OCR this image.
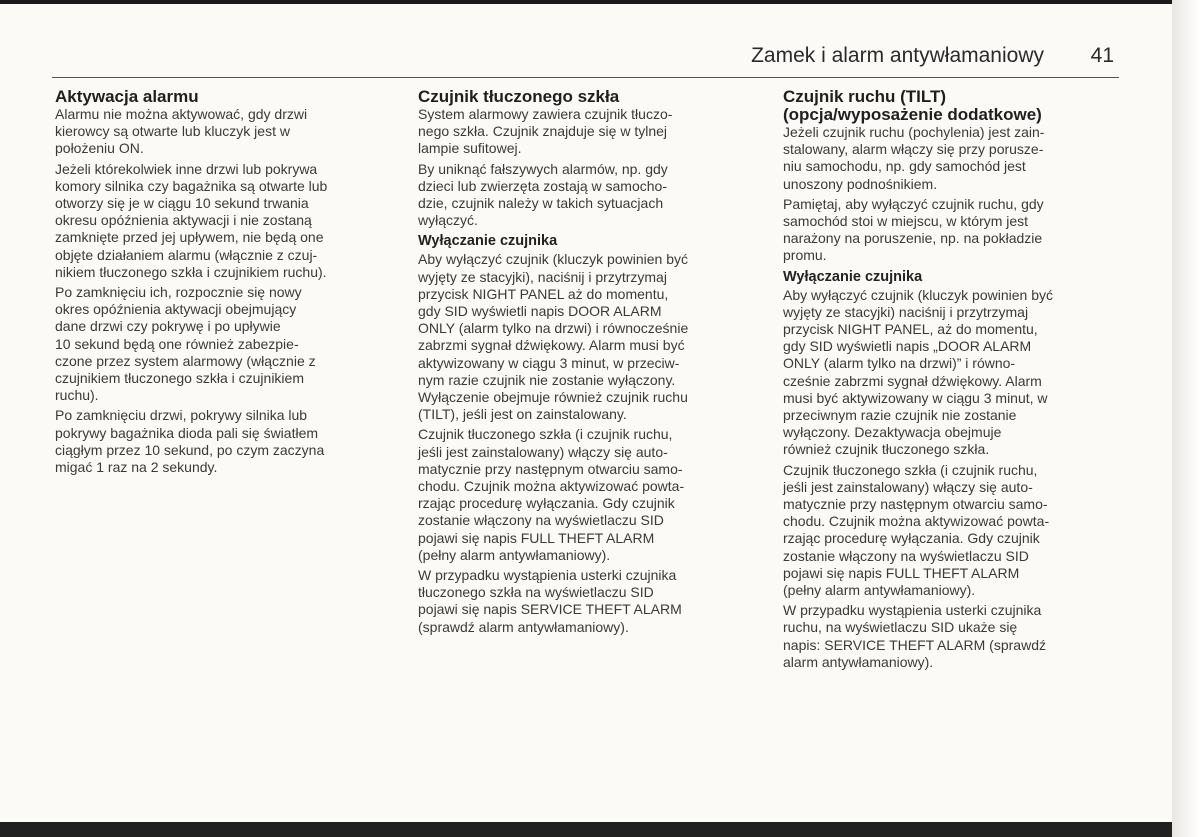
Zamek i alarm antywłamaniowy 41
Aktywacja alarmu

Alarmu nie można aktywować, gdy drzwi
kierowcy są otwarte lub kluczyk jest w
położeniu ON.

Jeżeli którekolwiek inne drzwi lub pokrywa
komory silnika czy bagażnika są otwarte lub
otworzy się je w ciągu 10 sekund trwania
okresu opóźnienia aktywacji i nie zostaną
zamknięte przed jej upływem, nie będą one
objęte działaniem alarmu (włącznie z czuj-
nikiem tłuczonego szkła i czujnikiem ruchu).

Po zamknięciu ich, rozpocznie się nowy
okres opóźnienia aktywacji obejmujący
dane drzwi czy pokrywę i po upływie
10 sekund będą one również zabezpie-
czone przez system alarmowy (włącznie z
czujnikiem tłuczonego szkła i czujnikiem
ruchu).

Po zamknięciu drzwi, pokrywy silnika lub
pokrywy bagażnika dioda pali się światłem
ciągłym przez 10 sekund, po czym zaczyna
migać 1 raz na 2 sekundy.

Czujnik tłuczonego szkła

System alarmowy zawiera czujnik tłuczo-
nego szkła. Czujnik znajduje się w tylnej
lampie sufitowej.

By uniknąć fałszywych alarmów, np. gdy
dzieci lub zwierzęta zostają w samocho-
dzie, czujnik należy w takich sytuacjach
wyłączyć.

Wyłączanie czujnika

Aby wyłączyć czujnik (kluczyk powinien być
wyjęty ze stacyjki), naciśnij i przytrzymaj
przycisk NIGHT PANEL aż do momentu,
gdy SID wyświetli napis DOOR ALARM
ONLY (alarm tylko na drzwi) i równocześnie
zabrzmi sygnał dźwiękowy. Alarm musi być
aktywizowany w ciągu 3 minut, w przeciw-
nym razie czujnik nie zostanie wyłączony.
Wyłączenie obejmuje również czujnik ruchu
(TILT), jeśli jest on zainstalowany.

Czujnik tłuczonego szkła (i czujnik ruchu,
jeśli jest zainstalowany) włączy się auto-
matycznie przy następnym otwarciu samo-
chodu. Czujnik można aktywizować powta-
rzając procedurę wyłączania. Gdy czujnik
zostanie włączony na wyświetlaczu SID
pojawi się napis FULL THEFT ALARM
(pełny alarm antywłamaniowy).

W przypadku wystąpienia usterki czujnika
tłuczonego szkła na wyświetlaczu SID
pojawi się napis SERVICE THEFT ALARM
(sprawdź alarm antywłamaniowy).

Czujnik ruchu (TILT)
(opcja/wyposażenie dodatkowe)

Jeżeli czujnik ruchu (pochylenia) jest zain-
stalowany, alarm włączy się przy porusze-
niu samochodu, np. gdy samochód jest
unoszony podnośnikiem.

Pamiętaj, aby wyłączyć czujnik ruchu, gdy
samochód stoi w miejscu, w którym jest
narażony na poruszenie, np. na pokładzie
promu.

Wyłączanie czujnika

Aby wyłączyć czujnik (kluczyk powinien być
wyjęty ze stacyjki) naciśnij i przytrzymaj
przycisk NIGHT PANEL, aż do momentu,
gdy SID wyświetli napis „DOOR ALARM
ONLY (alarm tylko na drzwi)” i równo-
cześnie zabrzmi sygnał dźwiękowy. Alarm
musi być aktywizowany w ciągu 3 minut, w
przeciwnym razie czujnik nie zostanie
wyłączony. Dezaktywacja obejmuje
również czujnik tłuczonego szkła.

Czujnik tłuczonego szkła (i czujnik ruchu,
jeśli jest zainstalowany) włączy się auto-
matycznie przy następnym otwarciu samo-
chodu. Czujnik można aktywizować powta-
rzając procedurę wyłączania. Gdy czujnik
zostanie włączony na wyświetlaczu SID
pojawi się napis FULL THEFT ALARM
(pełny alarm antywłamaniowy).

W przypadku wystąpienia usterki czujnika
ruchu, na wyświetlaczu SID ukaże się
napis: SERVICE THEFT ALARM (sprawdź
alarm antywłamaniowy).
